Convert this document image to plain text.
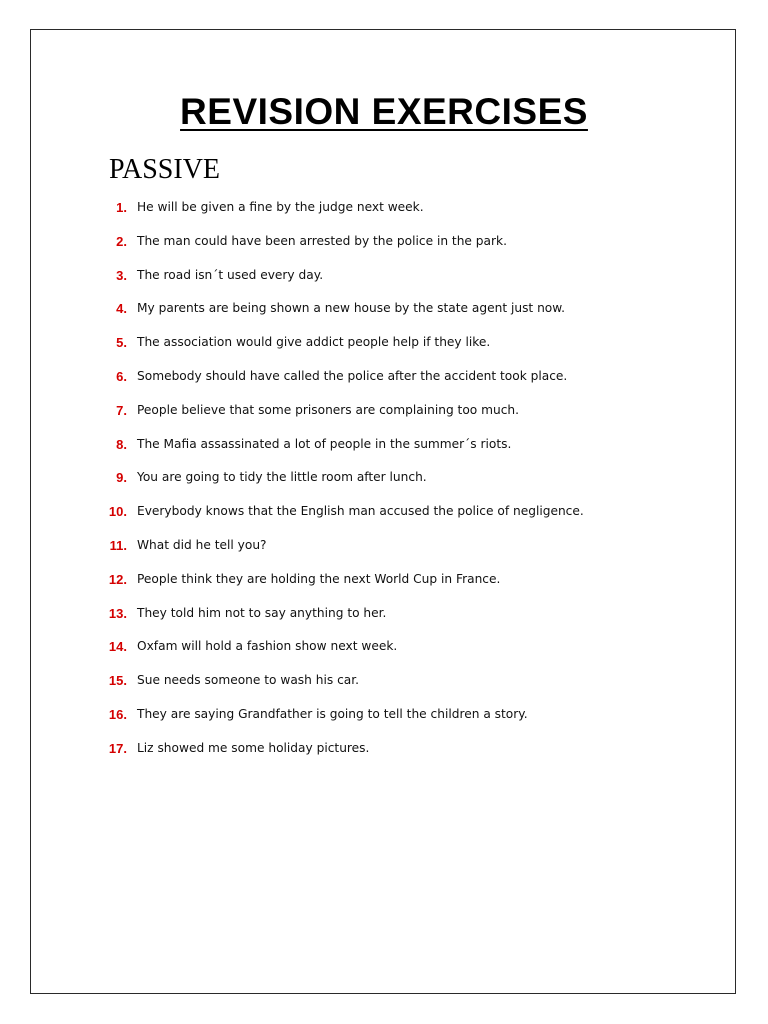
REVISION EXERCISES
PASSIVE
1. He will be given a fine by the judge next week.
2. The man could have been arrested by the police in the park.
3. The road isn´t used every day.
4. My parents are being shown a new house by the state agent just now.
5. The association would give addict people help if they like.
6. Somebody should have called the police after the accident took place.
7. People believe that some prisoners are complaining too much.
8. The Mafia assassinated a lot of people in the summer´s riots.
9. You are going to tidy the little room after lunch.
10. Everybody knows that the English man accused the police of negligence.
11. What did he tell you?
12. People think they are holding the next World Cup in France.
13. They told him not to say anything to her.
14. Oxfam will hold a fashion show next week.
15. Sue needs someone to wash his car.
16. They are saying Grandfather is going to tell the children a story.
17. Liz showed me some holiday pictures.
